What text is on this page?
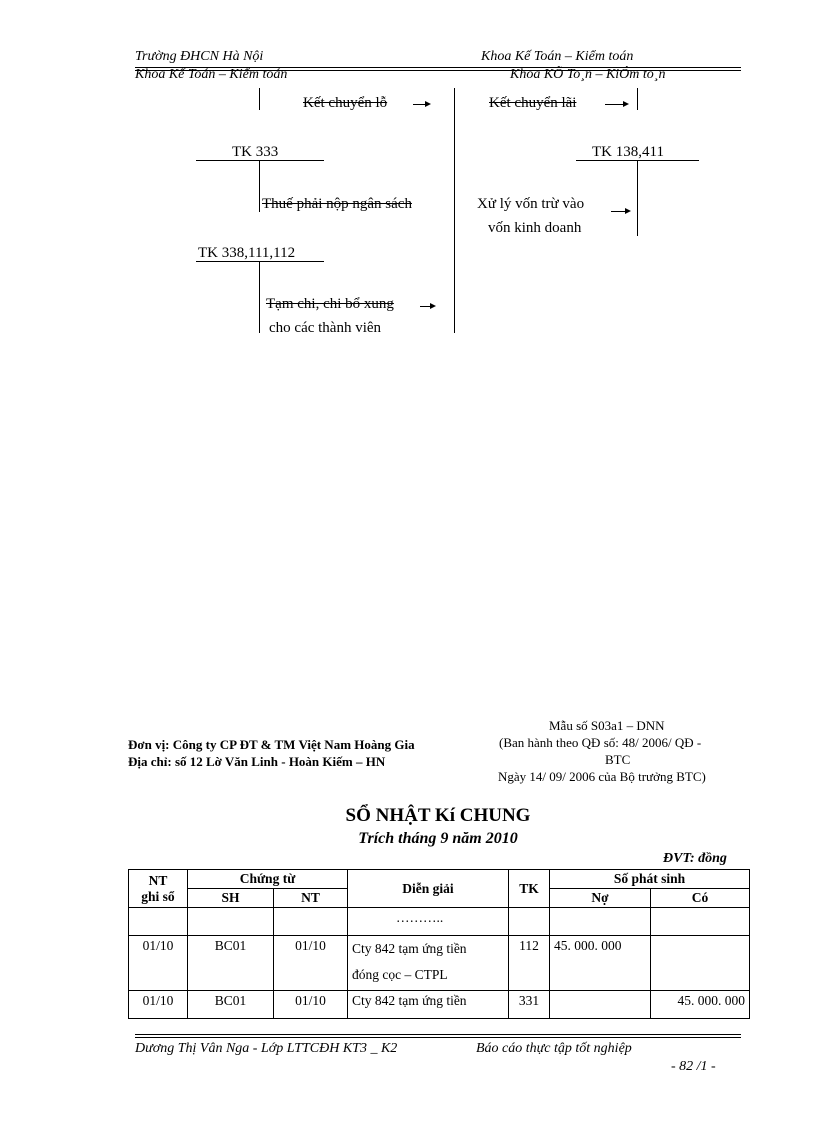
Trường ĐHCN Hà Nội	Khoa Kế Toán – Kiểm toán
Khoa Kế Toán – Kiểm toán	Khoa KÕ To¸n – KiÓm to¸n
Kết chuyển lỗ	Kết chuyển lãi
TK 333
Thuế phải nộp ngân sách
TK 138,411
Xử lý vốn trừ vào
vốn kinh doanh
TK 338,111,112
Tạm chi, chi bổ xung
cho các thành viên
Đơn vị: Công ty CP ĐT & TM Việt Nam Hoàng Gia
Địa chỉ: số 12 Lờ Văn Linh - Hoàn Kiếm – HN
Mẫu số S03a1 – DNN
(Ban hành theo QĐ số: 48/ 2006/ QĐ -
BTC
Ngày 14/ 09/ 2006 của Bộ trưởng BTC)
SỔ NHẬT Kí CHUNG
Trích tháng 9 năm 2010
ĐVT: đồng
NT
ghi sổ	Chứng từ		Diễn giải	TK	Số phát sinh	
	SH	NT			Nợ	Có
			………..			
01/10	BC01	01/10	Cty 842 tạm ứng tiền
đóng cọc – CTPL	112	45. 000. 000	
01/10	BC01	01/10	Cty 842 tạm ứng tiền	331		45. 000. 000
Dương Thị Vân Nga - Lớp LTTCĐH KT3 _ K2	Báo cáo thực tập tốt nghiệp
- 82 /1 -
